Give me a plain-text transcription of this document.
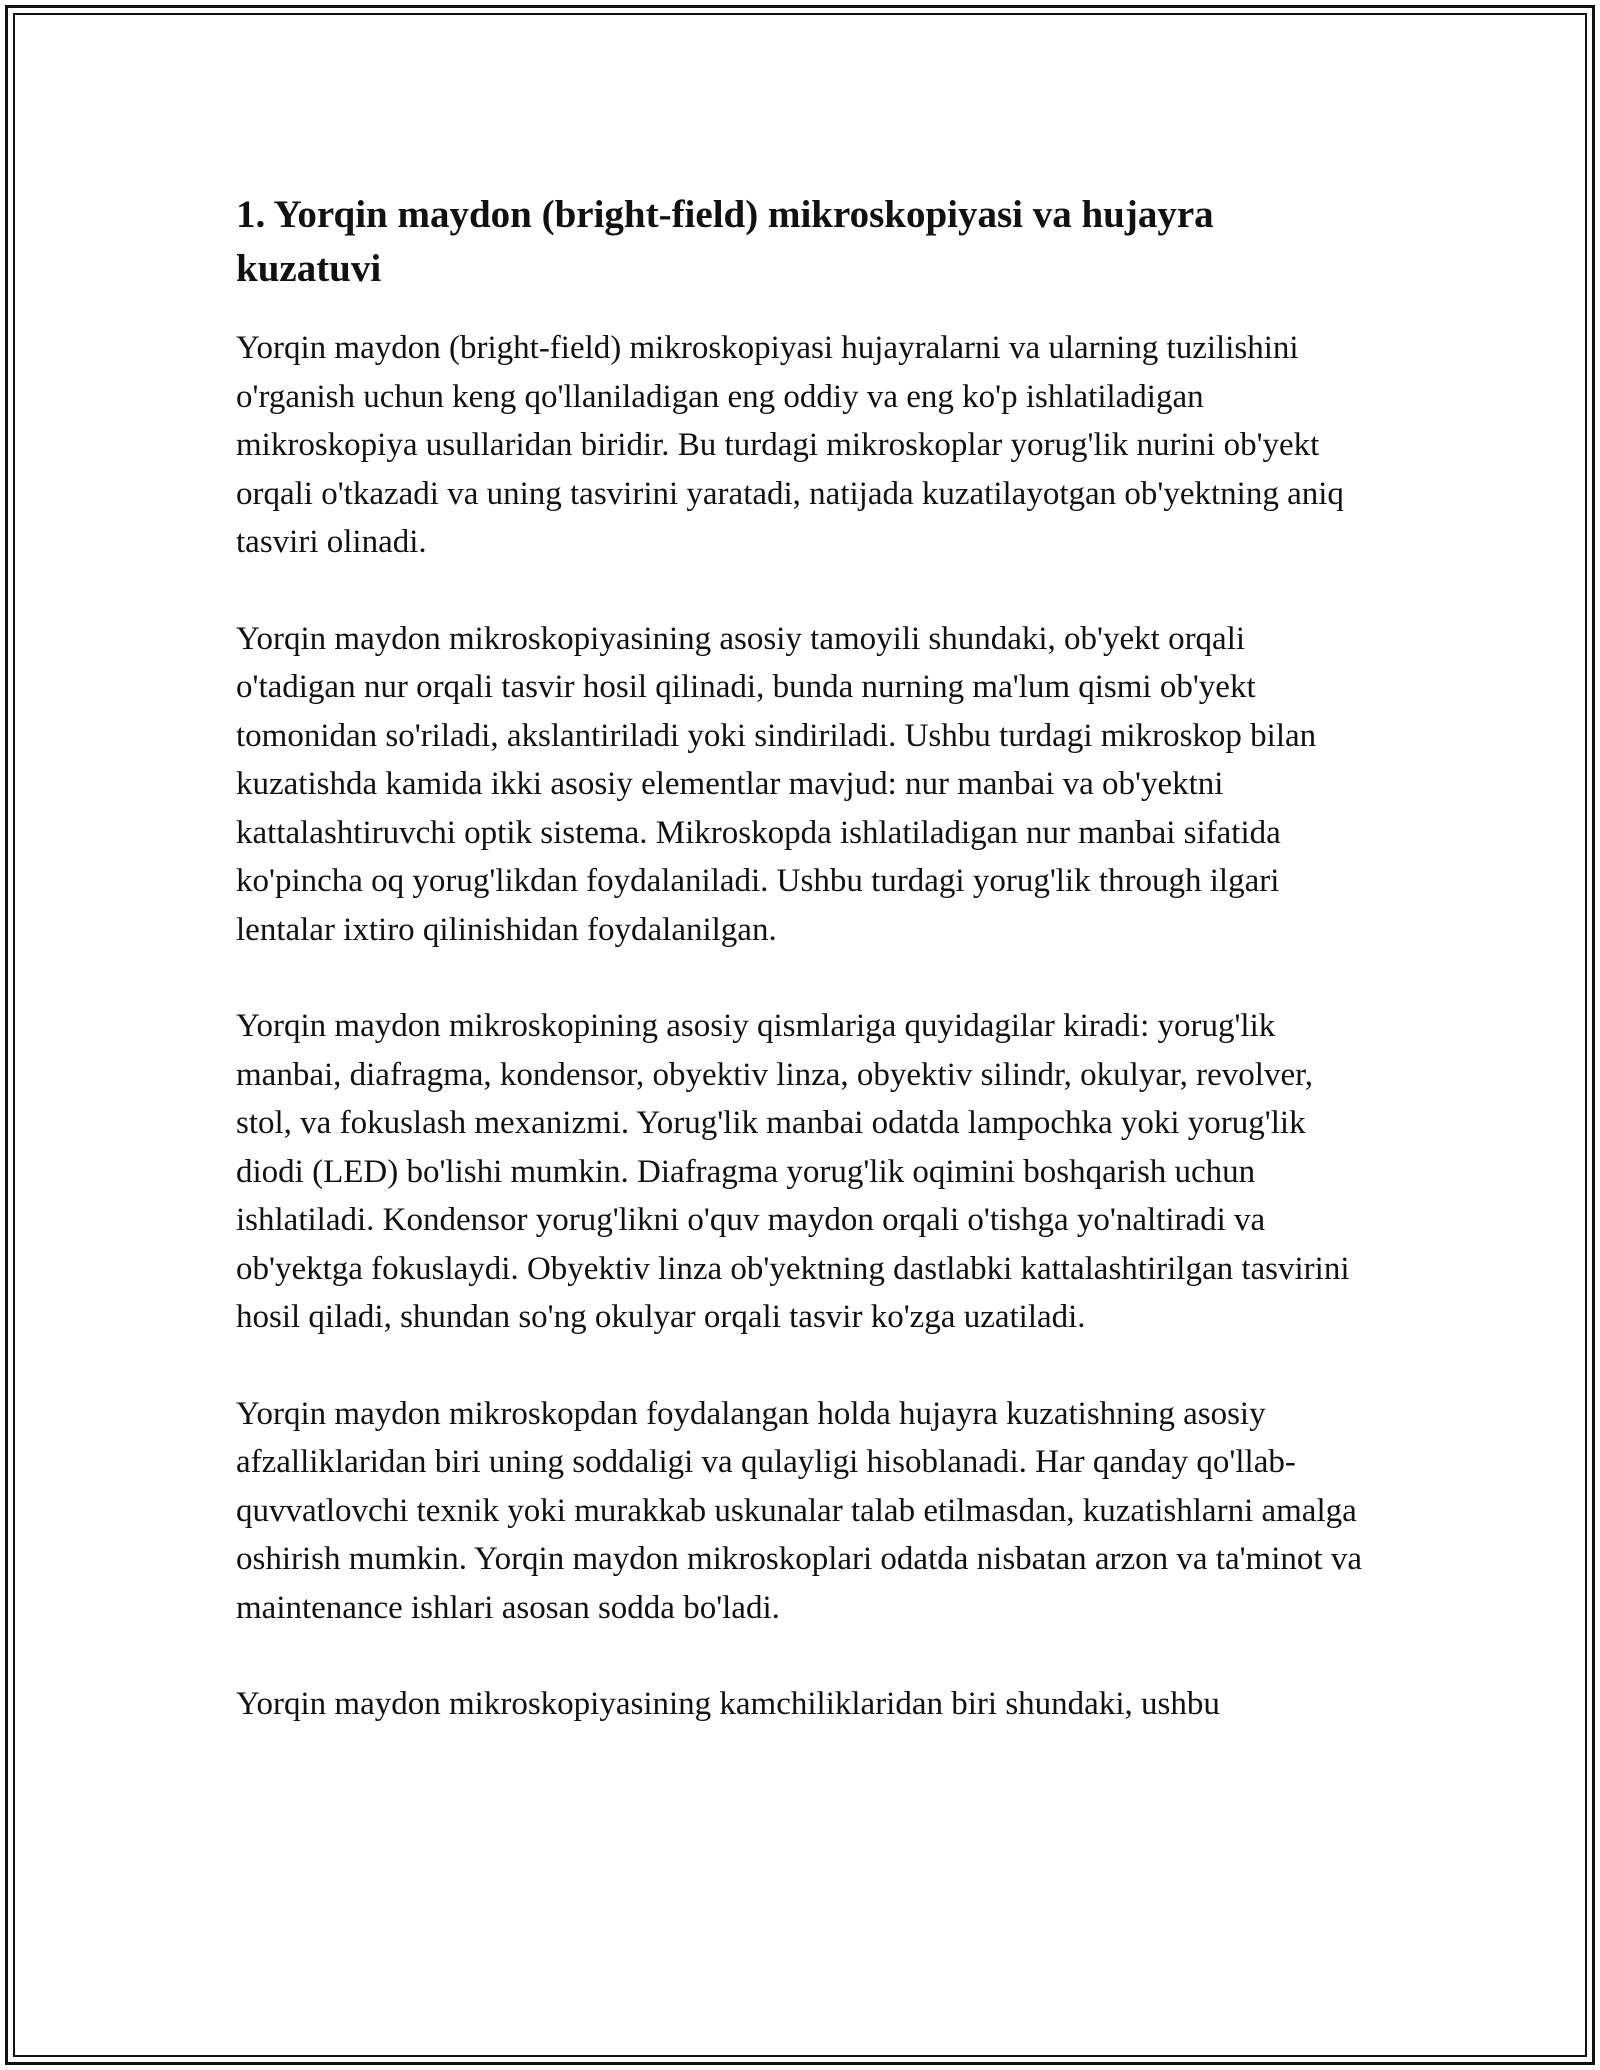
1. Yorqin maydon (bright-field) mikroskopiyasi va hujayra kuzatuvi

Yorqin maydon (bright-field) mikroskopiyasi hujayralarni va ularning tuzilishini o'rganish uchun keng qo'llaniladigan eng oddiy va eng ko'p ishlatiladigan mikroskopiya usullaridan biridir. Bu turdagi mikroskoplar yorug'lik nurini ob'yekt orqali o'tkazadi va uning tasvirini yaratadi, natijada kuzatilayotgan ob'yektning aniq tasviri olinadi.

Yorqin maydon mikroskopiyasining asosiy tamoyili shundaki, ob'yekt orqali o'tadigan nur orqali tasvir hosil qilinadi, bunda nurning ma'lum qismi ob'yekt tomonidan so'riladi, akslantiriladi yoki sindiriladi. Ushbu turdagi mikroskop bilan kuzatishda kamida ikki asosiy elementlar mavjud: nur manbai va ob'yektni kattalashtiruvchi optik sistema. Mikroskopda ishlatiladigan nur manbai sifatida ko'pincha oq yorug'likdan foydalaniladi. Ushbu turdagi yorug'lik through ilgari lentalar ixtiro qilinishidan foydalanilgan.

Yorqin maydon mikroskopining asosiy qismlariga quyidagilar kiradi: yorug'lik manbai, diafragma, kondensor, obyektiv linza, obyektiv silindr, okulyar, revolver, stol, va fokuslash mexanizmi. Yorug'lik manbai odatda lampochka yoki yorug'lik diodi (LED) bo'lishi mumkin. Diafragma yorug'lik oqimini boshqarish uchun ishlatiladi. Kondensor yorug'likni o'quv maydon orqali o'tishga yo'naltiradi va ob'yektga fokuslaydi. Obyektiv linza ob'yektning dastlabki kattalashtirilgan tasvirini hosil qiladi, shundan so'ng okulyar orqali tasvir ko'zga uzatiladi.

Yorqin maydon mikroskopdan foydalangan holda hujayra kuzatishning asosiy afzalliklaridan biri uning soddaligi va qulayligi hisoblanadi. Har qanday qo'llab-quvvatlovchi texnik yoki murakkab uskunalar talab etilmasdan, kuzatishlarni amalga oshirish mumkin. Yorqin maydon mikroskoplari odatda nisbatan arzon va ta'minot va maintenance ishlari asosan sodda bo'ladi.

Yorqin maydon mikroskopiyasining kamchiliklaridan biri shundaki, ushbu
